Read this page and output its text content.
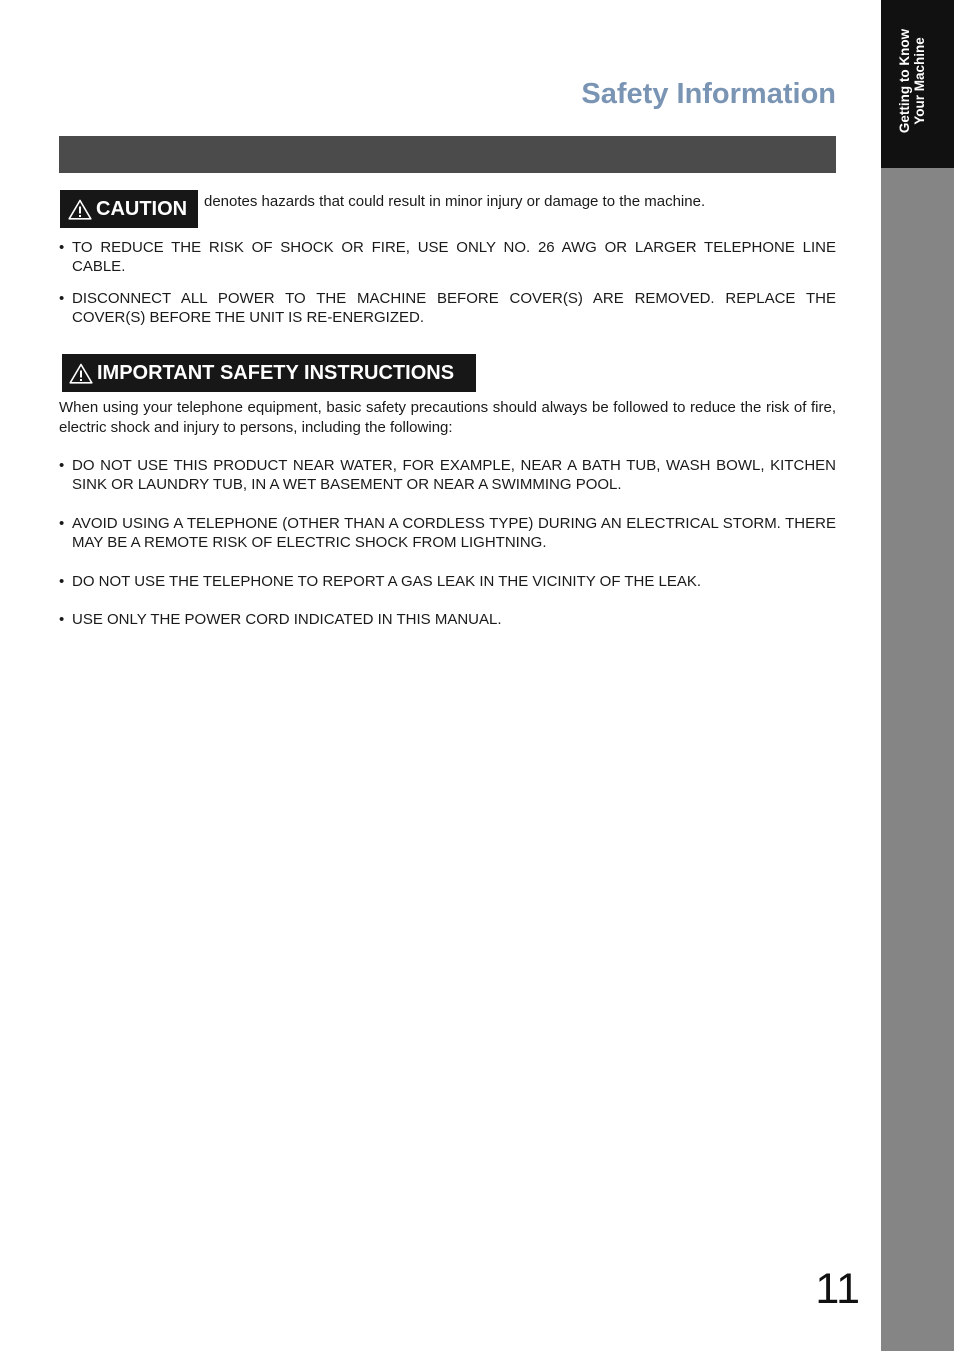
Getting to Know Your Machine
Safety Information
CAUTION denotes hazards that could result in minor injury or damage to the machine.

• TO REDUCE THE RISK OF SHOCK OR FIRE, USE ONLY NO. 26 AWG OR LARGER TELEPHONE LINE CABLE.
• DISCONNECT ALL POWER TO THE MACHINE BEFORE COVER(S) ARE REMOVED. REPLACE THE COVER(S) BEFORE THE UNIT IS RE-ENERGIZED.
IMPORTANT SAFETY INSTRUCTIONS

When using your telephone equipment, basic safety precautions should always be followed to reduce the risk of fire, electric shock and injury to persons, including the following:

• DO NOT USE THIS PRODUCT NEAR WATER, FOR EXAMPLE, NEAR A BATH TUB, WASH BOWL, KITCHEN SINK OR LAUNDRY TUB, IN A WET BASEMENT OR NEAR A SWIMMING POOL.
• AVOID USING A TELEPHONE (OTHER THAN A CORDLESS TYPE) DURING AN ELECTRICAL STORM. THERE MAY BE A REMOTE RISK OF ELECTRIC SHOCK FROM LIGHTNING.
• DO NOT USE THE TELEPHONE TO REPORT A GAS LEAK IN THE VICINITY OF THE LEAK.
• USE ONLY THE POWER CORD INDICATED IN THIS MANUAL.
11
